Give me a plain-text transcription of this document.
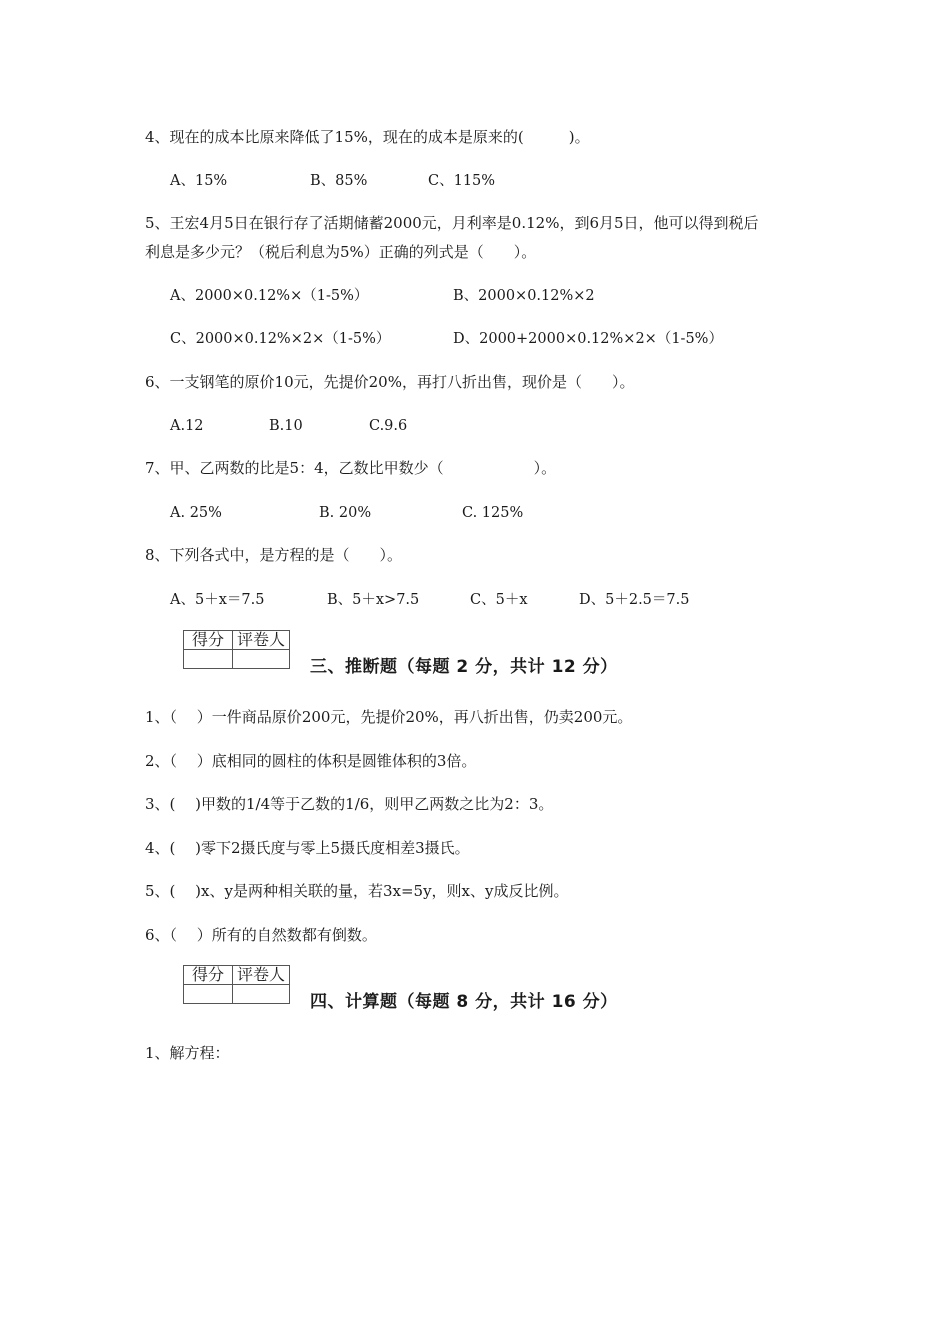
4、现在的成本比原来降低了15%，现在的成本是原来的(　　　)。
A、15%	B、85%	C、115%
5、王宏4月5日在银行存了活期储蓄2000元，月利率是0.12%，到6月5日，他可以得到税后
利息是多少元？（税后利息为5%）正确的列式是（　　）。
A、2000×0.12%×（1-5%）	B、2000×0.12%×2
C、2000×0.12%×2×（1-5%）	D、2000+2000×0.12%×2×（1-5%）
6、一支钢笔的原价10元，先提价20%，再打八折出售，现价是（　　）。
A.12	B.10	C.9.6
7、甲、乙两数的比是5：4，乙数比甲数少（　　　　　　）。
A. 25%	B. 20%	C. 125%
8、下列各式中，是方程的是（　　）。
A、5＋x＝7.5	B、5＋x>7.5	C、5＋x	D、5＋2.5＝7.5
得分	评卷人

三、推断题（每题 2 分，共计 12 分）
1、（　 ）一件商品原价200元，先提价20%，再八折出售，仍卖200元。
2、（　 ）底相同的圆柱的体积是圆锥体积的3倍。
3、(　 )甲数的1/4等于乙数的1/6，则甲乙两数之比为2：3。
4、(　 )零下2摄氏度与零上5摄氏度相差3摄氏。
5、(　 )x、y是两种相关联的量，若3x=5y，则x、y成反比例。
6、（　 ）所有的自然数都有倒数。
得分	评卷人

四、计算题（每题 8 分，共计 16 分）
1、解方程：
